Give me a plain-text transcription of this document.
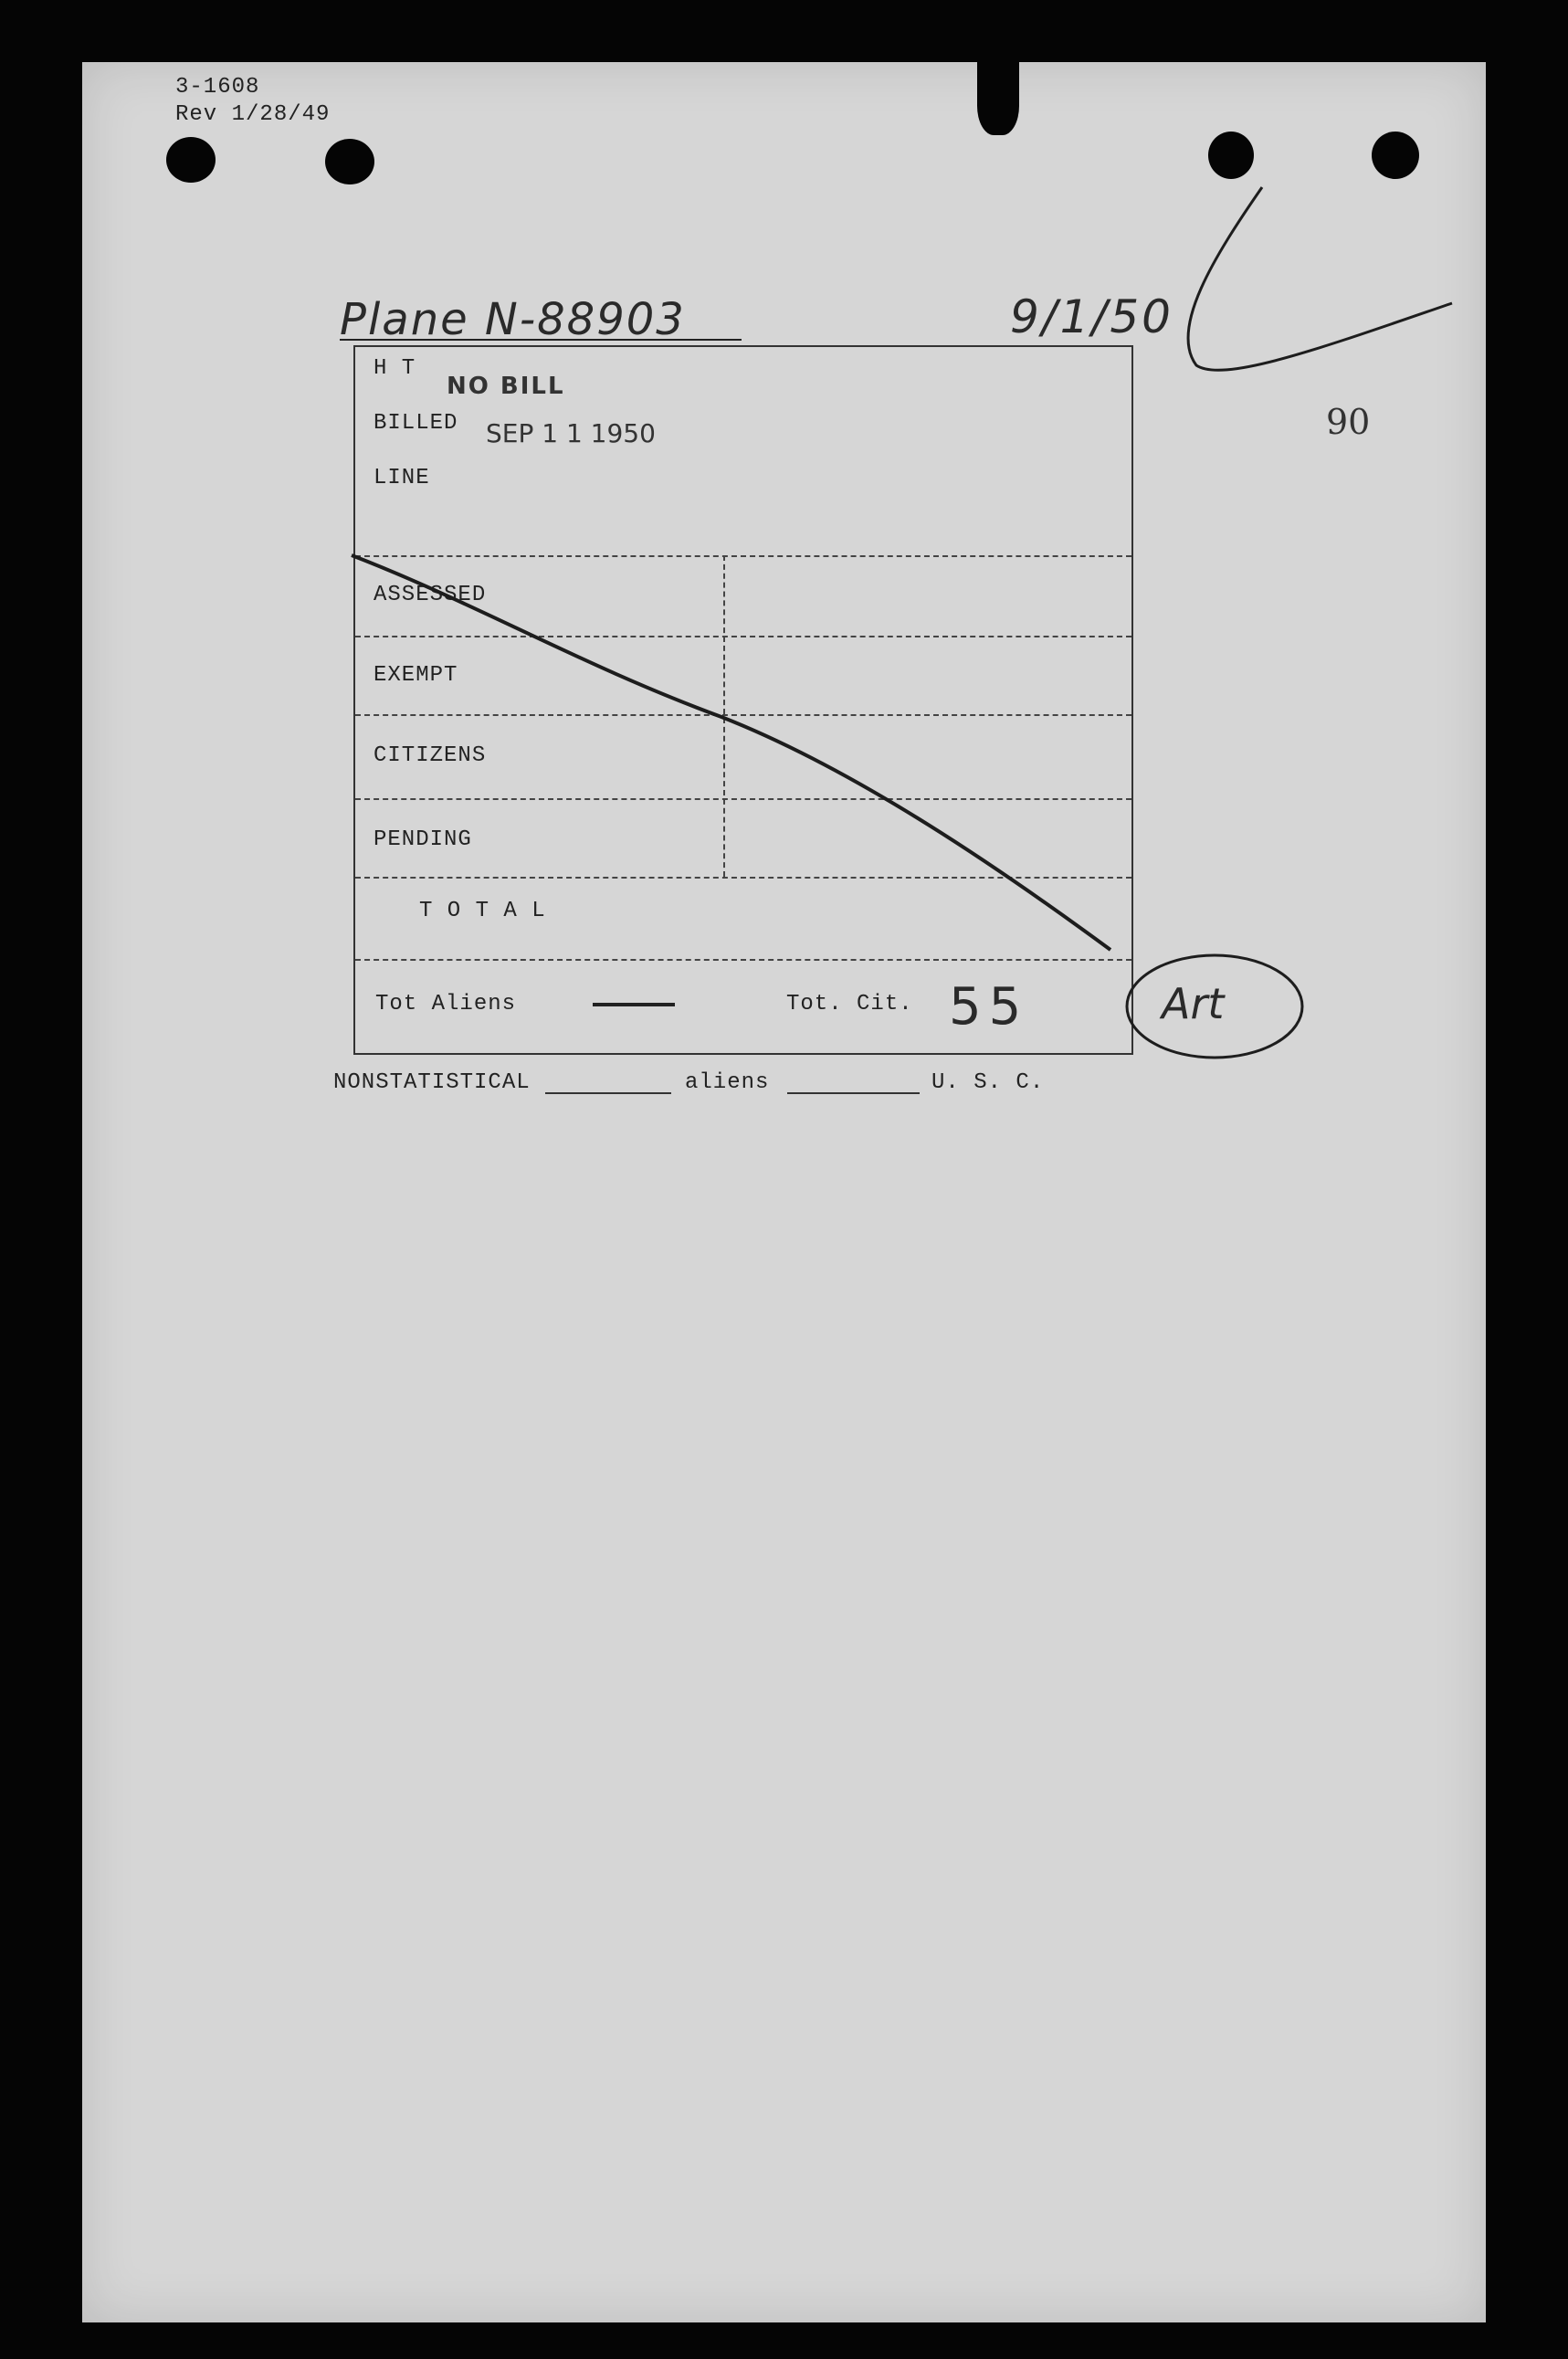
3-1608
Rev 1/28/49
Plane N-88903	9/1/50
90
H T
NO BILL
BILLED SEP 1 1 1950
LINE
ASSESSED
EXEMPT
CITIZENS
PENDING
T O T A L
Tot Aliens	Tot. Cit. 55
NONSTATISTICAL	aliens	U. S. C.
Art
